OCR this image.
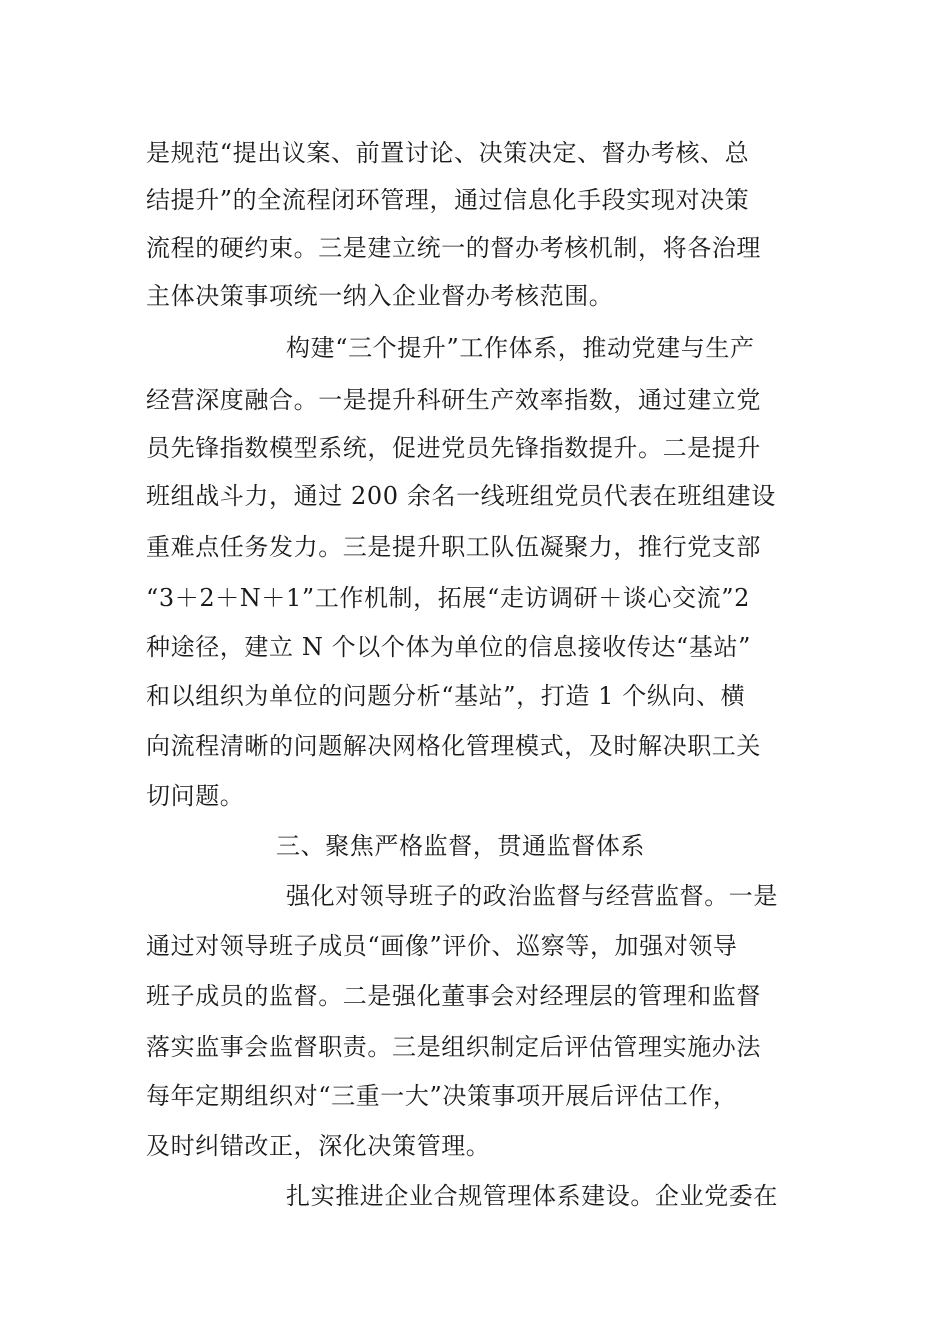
是规范“提出议案、前置讨论、决策决定、督办考核、总
结提升”的全流程闭环管理，通过信息化手段实现对决策
流程的硬约束。三是建立统一的督办考核机制，将各治理
主体决策事项统一纳入企业督办考核范围。
构建“三个提升”工作体系，推动党建与生产
经营深度融合。一是提升科研生产效率指数，通过建立党
员先锋指数模型系统，促进党员先锋指数提升。二是提升
班组战斗力，通过 200 余名一线班组党员代表在班组建设
重难点任务发力。三是提升职工队伍凝聚力，推行党支部
“3＋2＋N＋1”工作机制，拓展“走访调研＋谈心交流”2
种途径，建立 N 个以个体为单位的信息接收传达“基站”
和以组织为单位的问题分析“基站”，打造 1 个纵向、横
向流程清晰的问题解决网格化管理模式，及时解决职工关
切问题。
三、聚焦严格监督，贯通监督体系
强化对领导班子的政治监督与经营监督。一是
通过对领导班子成员“画像”评价、巡察等，加强对领导
班子成员的监督。二是强化董事会对经理层的管理和监督
落实监事会监督职责。三是组织制定后评估管理实施办法
每年定期组织对“三重一大”决策事项开展后评估工作，
及时纠错改正，深化决策管理。
扎实推进企业合规管理体系建设。企业党委在
